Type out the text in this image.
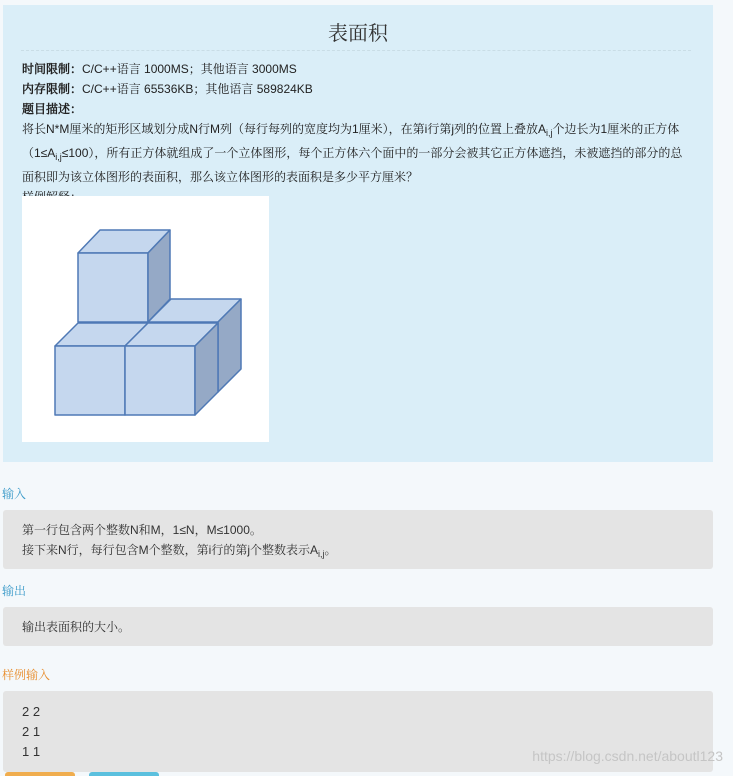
表面积
时间限制：C/C++语言 1000MS；其他语言 3000MS
内存限制：C/C++语言 65536KB；其他语言 589824KB
题目描述：
将长N*M厘米的矩形区域划分成N行M列（每行每列的宽度均为1厘米），在第i行第j列的位置上叠放$A_{i,j}$个边长为1厘米的正方体$(1\le A_{i,j}\le 100)$，所有正方体就组成了一个立体图形，每个正方体六个面中的一部分会被其它正方体遮挡，未被遮挡的部分的总面积即为该立体图形的表面积，那么该立体图形的表面积是多少平方厘米？
输入
第一行包含两个整数N和M，1≤N，M≤1000。
接下来N行，每行包含M个整数，第i行的第j个整数表示$A_{i,j}$。
输出
输出表面积的大小。
样例输入
2 2
2 1
1 1	https://blog.csdn.net/aboutl123
